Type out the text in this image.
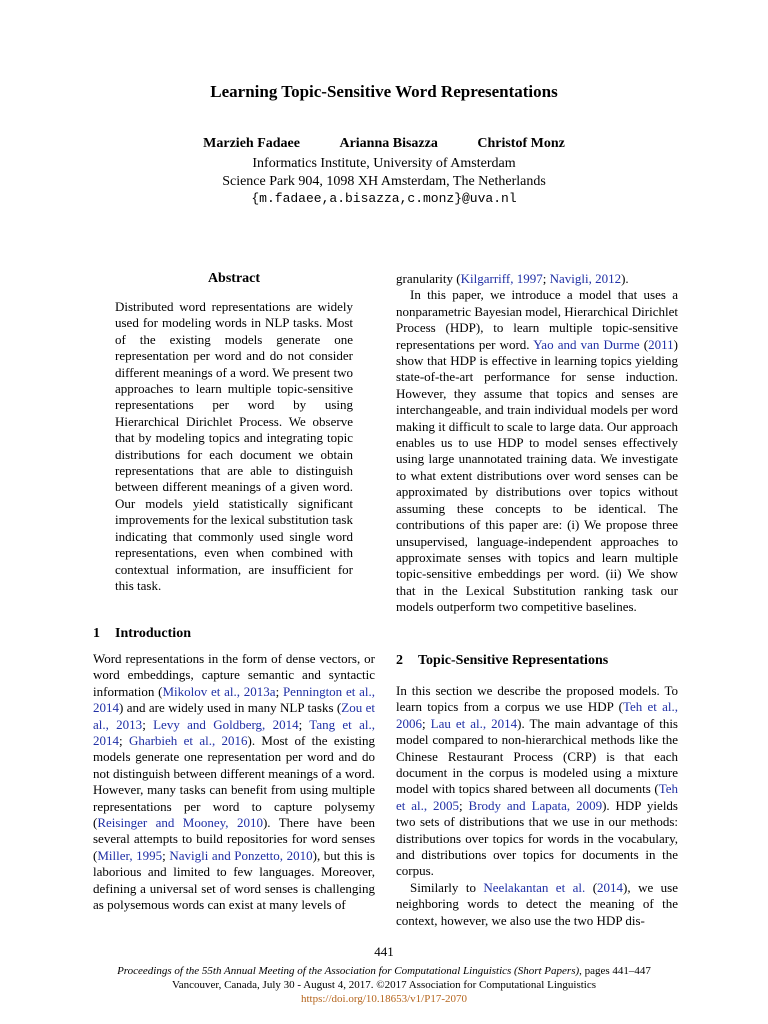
Learning Topic-Sensitive Word Representations
Marzieh Fadaee	Arianna Bisazza	Christof Monz
Informatics Institute, University of Amsterdam
Science Park 904, 1098 XH Amsterdam, The Netherlands
{m.fadaee,a.bisazza,c.monz}@uva.nl
Abstract

Distributed word representations are widely used for modeling words in NLP tasks. Most of the existing models generate one representation per word and do not consider different meanings of a word. We present two approaches to learn multiple topic-sensitive representations per word by using Hierarchical Dirichlet Process. We observe that by modeling topics and integrating topic distributions for each document we obtain representations that are able to distinguish between different meanings of a given word. Our models yield statistically significant improvements for the lexical substitution task indicating that commonly used single word representations, even when combined with contextual information, are insufficient for this task.

1 Introduction

Word representations in the form of dense vectors, or word embeddings, capture semantic and syntactic information (Mikolov et al., 2013a; Pennington et al., 2014) and are widely used in many NLP tasks (Zou et al., 2013; Levy and Goldberg, 2014; Tang et al., 2014; Gharbieh et al., 2016). Most of the existing models generate one representation per word and do not distinguish between different meanings of a word. However, many tasks can benefit from using multiple representations per word to capture polysemy (Reisinger and Mooney, 2010). There have been several attempts to build repositories for word senses (Miller, 1995; Navigli and Ponzetto, 2010), but this is laborious and limited to few languages. Moreover, defining a universal set of word senses is challenging as polysemous words can exist at many levels of

granularity (Kilgarriff, 1997; Navigli, 2012).

In this paper, we introduce a model that uses a nonparametric Bayesian model, Hierarchical Dirichlet Process (HDP), to learn multiple topic-sensitive representations per word. Yao and van Durme (2011) show that HDP is effective in learning topics yielding state-of-the-art performance for sense induction. However, they assume that topics and senses are interchangeable, and train individual models per word making it difficult to scale to large data. Our approach enables us to use HDP to model senses effectively using large unannotated training data. We investigate to what extent distributions over word senses can be approximated by distributions over topics without assuming these concepts to be identical. The contributions of this paper are: (i) We propose three unsupervised, language-independent approaches to approximate senses with topics and learn multiple topic-sensitive embeddings per word. (ii) We show that in the Lexical Substitution ranking task our models outperform two competitive baselines.

2 Topic-Sensitive Representations

In this section we describe the proposed models. To learn topics from a corpus we use HDP (Teh et al., 2006; Lau et al., 2014). The main advantage of this model compared to non-hierarchical methods like the Chinese Restaurant Process (CRP) is that each document in the corpus is modeled using a mixture model with topics shared between all documents (Teh et al., 2005; Brody and Lapata, 2009). HDP yields two sets of distributions that we use in our methods: distributions over topics for words in the vocabulary, and distributions over topics for documents in the corpus.

Similarly to Neelakantan et al. (2014), we use neighboring words to detect the meaning of the context, however, we also use the two HDP dis-

441
Proceedings of the 55th Annual Meeting of the Association for Computational Linguistics (Short Papers), pages 441–447
Vancouver, Canada, July 30 - August 4, 2017. ©2017 Association for Computational Linguistics
https://doi.org/10.18653/v1/P17-2070
